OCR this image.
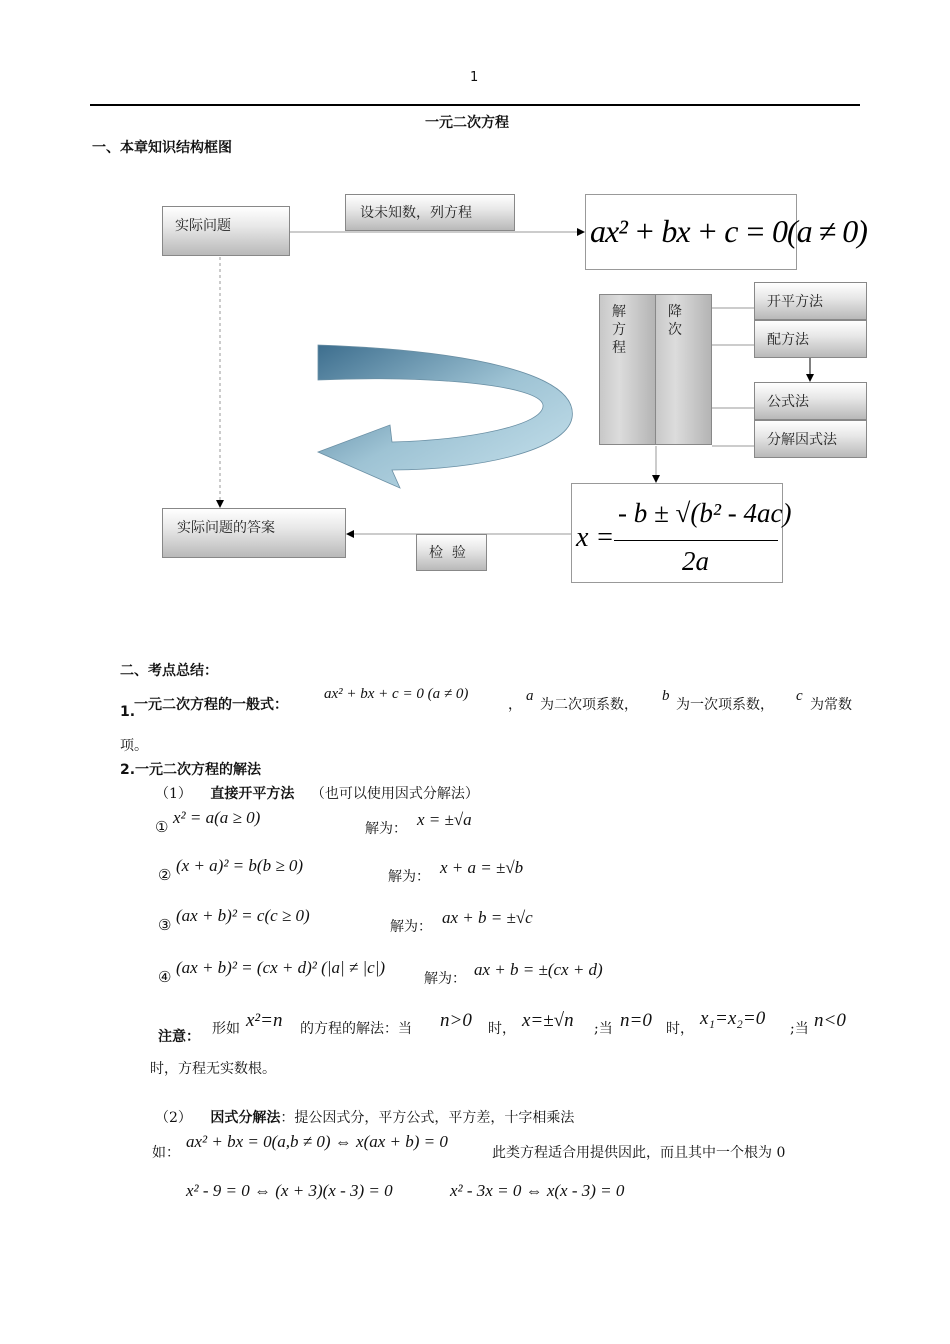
1
一元二次方程
一、本章知识结构框图
实际问题
设未知数，列方程	ax² + bx + c = 0(a ≠ 0)
解方程
降次
开平方法
配方法
公式法
分解因式法
x =
- b ± √(b² - 4ac)
2a
实际问题的答案
检  验
二、考点总结：
1.
一元二次方程的一般式：
ax² + bx + c = 0 (a ≠ 0)
，
a
为二次项系数，
b
为一次项系数，
c
为常数
项。
2.一元二次方程的解法
（1） 直接开平方法 （也可以使用因式分解法）
① x² = a(a ≥ 0)
解为： x = ±√a
② (x + a)² = b(b ≥ 0)
解为： x + a = ±√b
③ (ax + b)² = c(c ≥ 0)
解为： ax + b = ±√c
④ (ax + b)² = (cx + d)² (|a| ≠ |c|)
解为： ax + b = ±(cx + d)
注意： 形如 x²=n 的方程的解法：当 n>0 时， x=±√n ;当 n=0 时， x₁=x₂=0 ;当 n<0
时，方程无实数根。
（2） 因式分解法：提公因式分，平方公式，平方差，十字相乘法
如：
ax² + bx = 0(a,b ≠ 0) ⇔ x(ax + b) = 0
此类方程适合用提供因此，而且其中一个根为 0
x² - 9 = 0 ⇔ (x + 3)(x - 3) = 0	x² - 3x = 0 ⇔ x(x - 3) = 0
